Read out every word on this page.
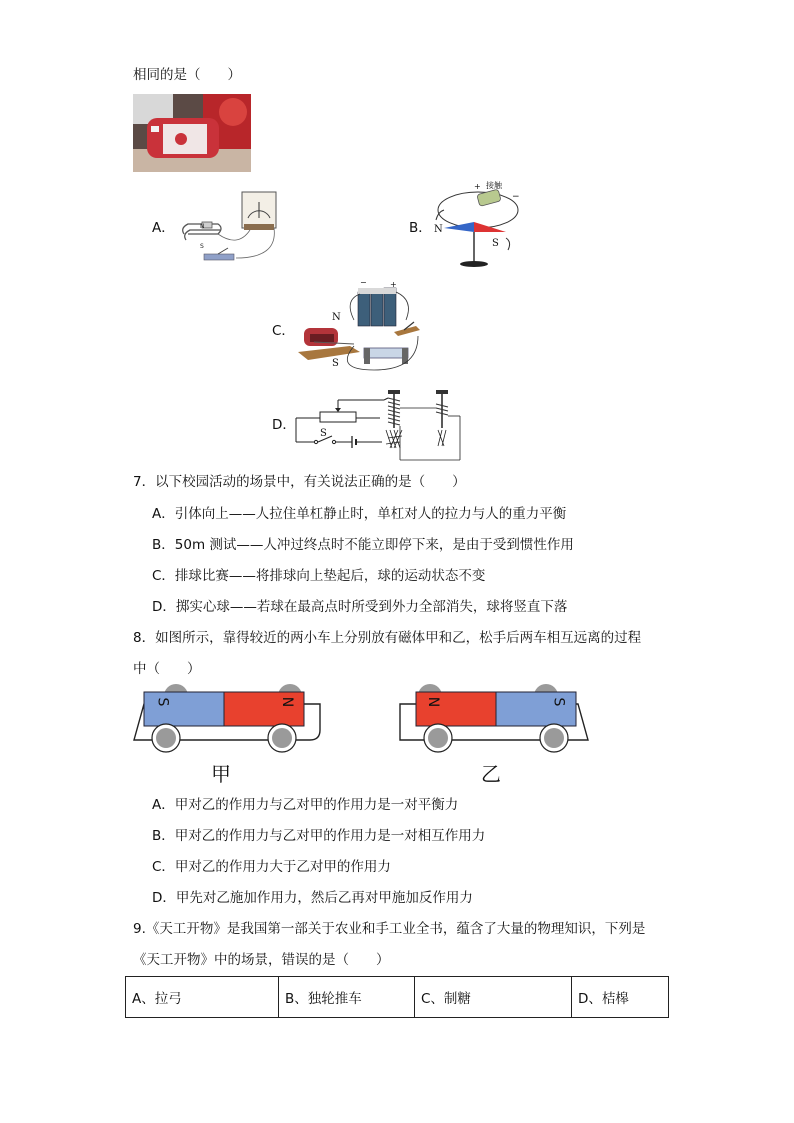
相同的是（　　）
A．	N
S
B．
+ 接触
−
N
S
C．
N
S
−	+
D．
S
7．以下校园活动的场景中，有关说法正确的是（　　）
A．引体向上——人拉住单杠静止时，单杠对人的拉力与人的重力平衡
B．50m 测试——人冲过终点时不能立即停下来，是由于受到惯性作用
C．排球比赛——将排球向上垫起后，球的运动状态不变
D．掷实心球——若球在最高点时所受到外力全部消失，球将竖直下落
8．如图所示，靠得较近的两小车上分别放有磁体甲和乙，松手后两车相互远离的过程
中（　　）
S	N	N	S
甲	乙
A．甲对乙的作用力与乙对甲的作用力是一对平衡力
B．甲对乙的作用力与乙对甲的作用力是一对相互作用力
C．甲对乙的作用力大于乙对甲的作用力
D．甲先对乙施加作用力，然后乙再对甲施加反作用力
9.《天工开物》是我国第一部关于农业和手工业全书，蕴含了大量的物理知识，下列是
《天工开物》中的场景，错误的是（　　）
A、拉弓	B、独轮推车	C、制糖	D、桔槔
